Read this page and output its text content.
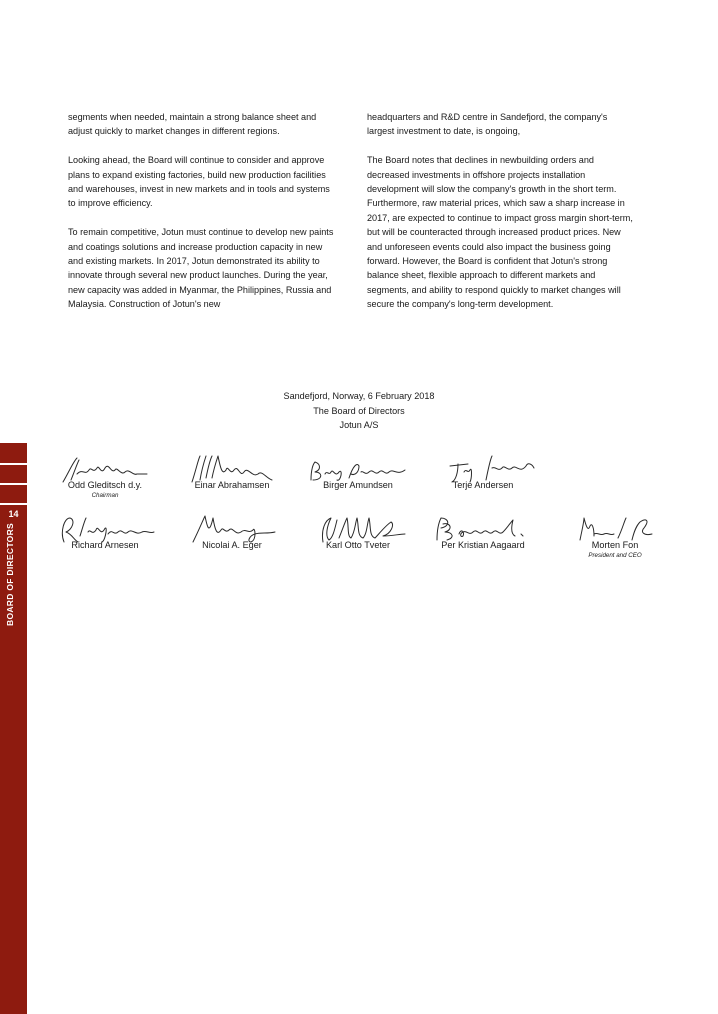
14
BOARD OF DIRECTORS

segments when needed, maintain a strong balance sheet and adjust quickly to market changes in different regions.

Looking ahead, the Board will continue to consider and approve plans to expand existing factories, build new production facilities and warehouses, invest in new markets and in tools and systems to improve efficiency.

To remain competitive, Jotun must continue to develop new paints and coatings solutions and increase production capacity in new and existing markets. In 2017, Jotun demonstrated its ability to innovate through several new product launches. During the year, new capacity was added in Myanmar, the Philippines, Russia and Malaysia. Construction of Jotun's new

headquarters and R&D centre in Sandefjord, the company's largest investment to date, is ongoing,

The Board notes that declines in newbuilding orders and decreased investments in offshore projects installation development will slow the company's growth in the short term. Furthermore, raw material prices, which saw a sharp increase in 2017, are expected to continue to impact gross margin short-term, but will be counteracted through increased product prices. New and unforeseen events could also impact the business going forward. However, the Board is confident that Jotun's strong balance sheet, flexible approach to different markets and segments, and ability to respond quickly to market changes will secure the company's long-term development.

Sandefjord, Norway, 6 February 2018
The Board of Directors
Jotun A/S
Odd Gleditsch d.y.
Chairman
Einar Abrahamsen	Birger Amundsen	Terje Andersen
Richard Arnesen	Nicolai A. Eger	Karl Otto Tveter	Per Kristian Aagaard	Morten Fon
President and CEO
